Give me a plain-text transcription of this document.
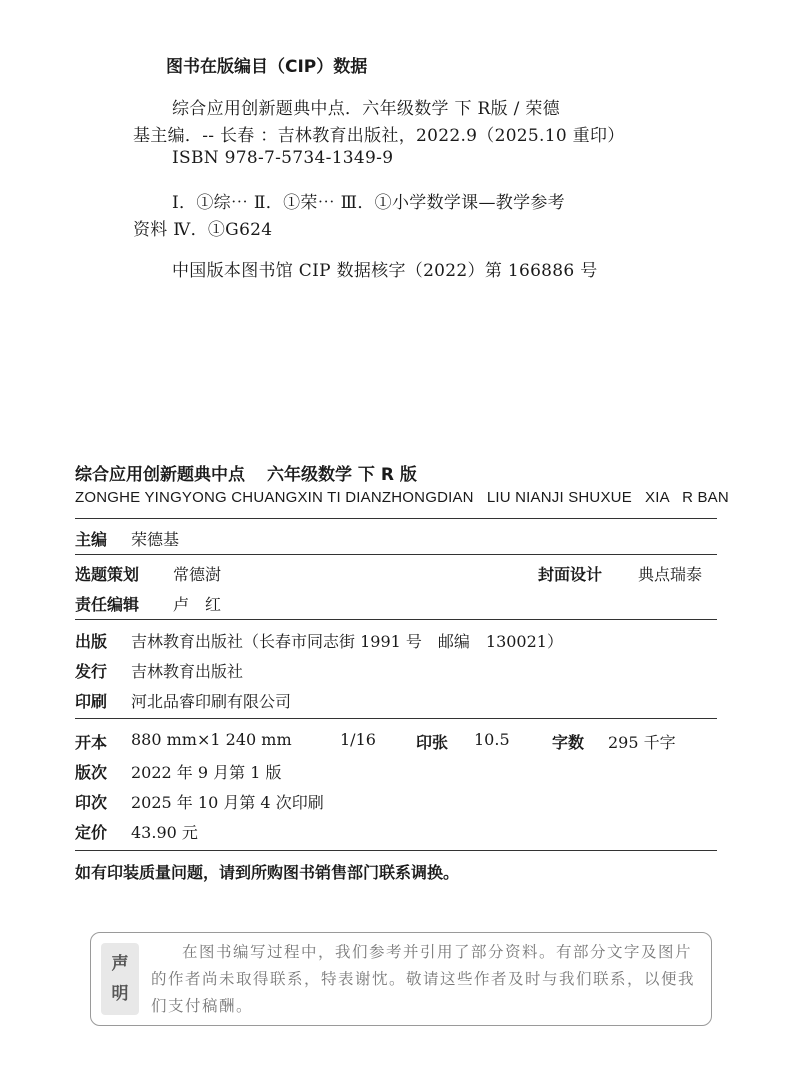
图书在版编目（CIP）数据
综合应用创新题典中点．六年级数学 下 R版 / 荣德
基主编．-- 长春 ：吉林教育出版社，2022.9（2025.10 重印）
ISBN 978-7-5734-1349-9
Ⅰ．①综⋯ Ⅱ．①荣⋯ Ⅲ．①小学数学课—教学参考
资料 Ⅳ．①G624
中国版本图书馆 CIP 数据核字（2022）第 166886 号
综合应用创新题典中点 六年级数学 下 R 版
ZONGHE YINGYONG CHUANGXIN TI DIANZHONGDIAN   LIU NIANJI SHUXUE   XIA   R BAN
主编 荣德基
选题策划 常德澍	封面设计 典点瑞泰
责任编辑 卢　红
出版 吉林教育出版社（长春市同志街 1991 号　邮编　130021）
发行 吉林教育出版社
印刷 河北品睿印刷有限公司
开本 880 mm×1 240 mm	1/16	印张 10.5	字数 295 千字
版次 2022 年 9 月第 1 版
印次 2025 年 10 月第 4 次印刷
定价 43.90 元
如有印装质量问题，请到所购图书销售部门联系调换。
声
明
在图书编写过程中，我们参考并引用了部分资料。有部分文字及图片的作者尚未取得联系，特表谢忱。敬请这些作者及时与我们联系，以便我们支付稿酬。
